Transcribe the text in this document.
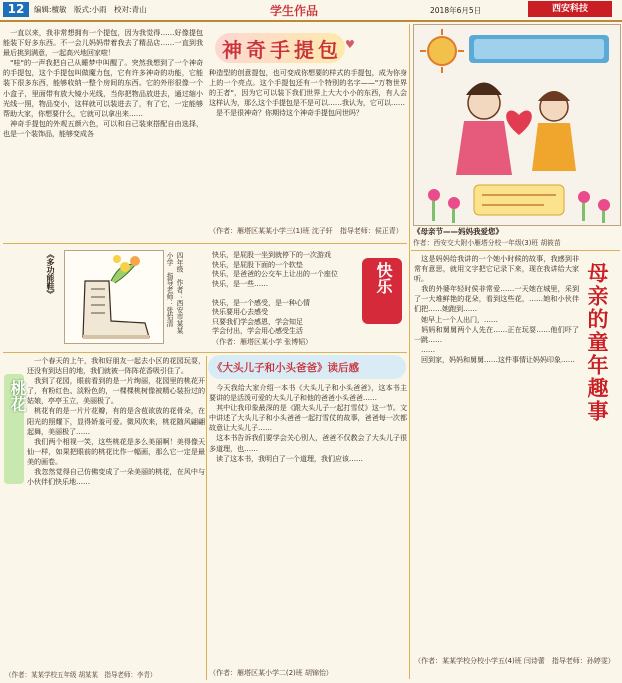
12	编辑:檀敏　版式:小雨　校对:青山	学生作品	2018年6月5日	西安科技
　一直以来，我非常想拥有一个提包，因为我觉得……好像提包能装下好多东西。不一会儿妈妈带着我去了精品店……一直到我最后挑到满意，一起高兴地回家啦！
　"哇"的一声我把自己从睡梦中叫醒了。突然我想到了一个神奇的手提包，这个手提包叫做魔力包，它有许多神奇的功能，它能装下很多东西，能够收纳一整个房间的东西。它的外形很像一个小盒子，里面带有放大镜小光线，当你把物品放进去，通过缩小光线一照，物品变小，这样就可以装进去了，有了它，一定能够帮助大家，你想要什么，它就可以拿出来……
　神奇手提包的外观五颜六色，可以和自己装束搭配自由选择，也是一个装饰品，能够变成各
神奇手提包 ♥
种造型的创意提包，也可变成你想要的样式的手提包，成为你身上的一个亮点。这个手提包还有一个特别的名字——"万物世界的王者"，因为它可以装下我们世界上大大小小的东西，有人会这样认为，那么这个手提包是不是可以……我认为，它可以……
　是不是很神奇？你期待这个神奇手提包问世吗？
（作者：雁塔区某某小学三(1)班 沈子轩　指导老师：侯正青）	《母亲节——妈妈我爱您》
作者：西安交大附小雁塔分校一年级(3)班 胡筱苗
《多功能鞋》	四年级　作者：西安市某某小学　指导老师：张怡清	快乐，是屁股一坐到就停下的一次游戏
快乐，是屁股下面的一个软垫
快乐，是爸爸的公交车上让出的一个座位
快乐，是一些……

快乐，是一个感受，是一种心情
快乐要用心去感受
只要我们学会感恩，学会知足
学会付出，学会用心感受生活

（作者：雁塔区某小学 张博韬）
快乐
桃花
　一个春天的上午，我和好朋友一起去小区的花园玩耍，还没有到达目的地，我们就被一阵阵花香吸引住了。
　我到了花园，眼前看到的是一片绚丽，花园里的桃花开了，有粉红色、淡粉色的，一棵棵桃树像被精心装扮过的姑娘，亭亭玉立，美丽极了。
　桃花有的是一片片花瓣，有的是含苞欲放的花骨朵，在阳光的照耀下，显得娇羞可爱。微风吹来，桃花随风翩翩起舞，美丽极了……
　我们两个相视一笑，这些桃花是多么美丽啊！美得像天仙一样，如果把眼前的桃花比作一幅画，那么它一定是最美的画卷。
　我忽然觉得自己仿佛变成了一朵美丽的桃花，在风中与小伙伴们快乐地……
（作者：某某学校五年级 胡某某　指导老师：李青）
《大头儿子和小头爸爸》读后感
　今天我给大家介绍一本书《大头儿子和小头爸爸》，这本书主要讲的是活泼可爱的大头儿子和他的爸爸小头爸爸……
　其中让我印象最深的是《跟大头儿子一起打雪仗》这一节。文中讲述了大头儿子和小头爸爸一起打雪仗的故事，爸爸每一次都故意让大头儿子……
　这本书告诉我们要学会关心别人，爸爸不仅教会了大头儿子很多道理，也……
　读了这本书，我明白了一个道理，我们应该……
（作者：雁塔区某小学二(2)班 胡锦怡）
　这是妈妈给我讲的一个她小时候的故事，我感到非常有意思，就用文字把它记录下来，现在我讲给大家听。
　我的外婆年轻时侯非常爱……一天她在城里，采到了一大堆鲜艳的花朵，看到这些花，……她和小伙伴们把……她跑到……
　她早上一个人出门，……
　妈妈和舅舅两个人先在……正在玩耍……他们吓了一跳……
　……
　回到家，妈妈和舅舅……这件事情让妈妈印象…… 母亲的童年趣事
（作者：某某学校分校小学五(4)班 闫诗蕾　指导老师：孙婷雯）
